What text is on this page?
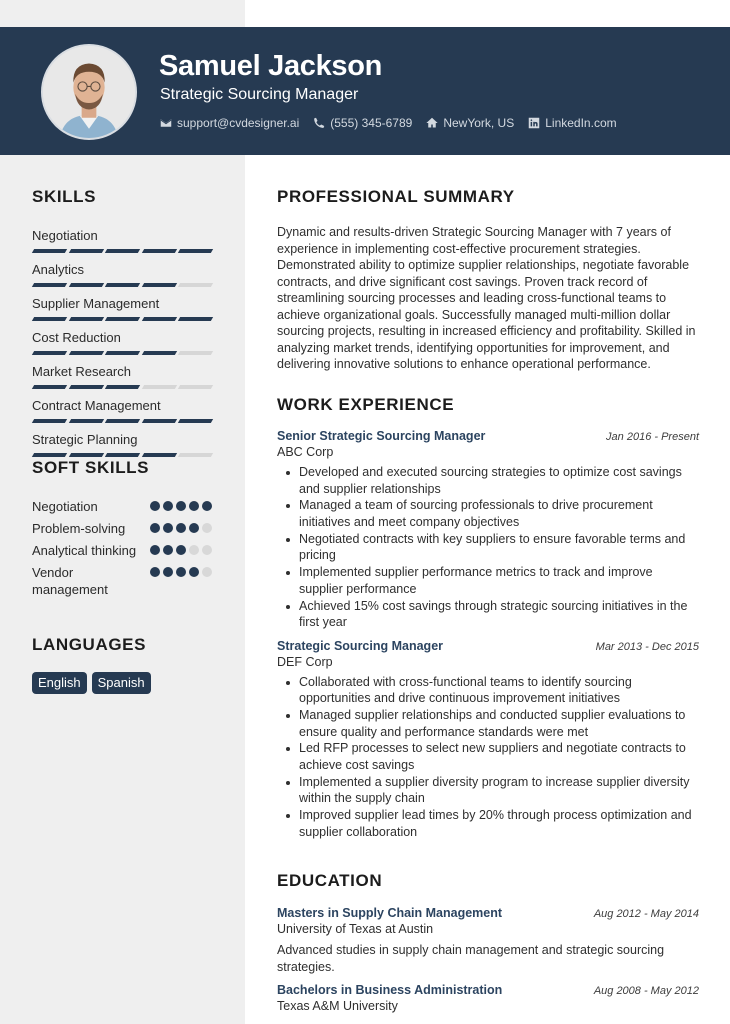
Samuel Jackson
Strategic Sourcing Manager
support@cvdesigner.ai	(555) 345-6789	NewYork, US	LinkedIn.com
SKILLS
Negotiation
Analytics
Supplier Management
Cost Reduction
Market Research
Contract Management
Strategic Planning
SOFT SKILLS
Negotiation
Problem-solving
Analytical thinking
Vendor management
LANGUAGES
English	Spanish
PROFESSIONAL SUMMARY

Dynamic and results-driven Strategic Sourcing Manager with 7 years of experience in implementing cost-effective procurement strategies. Demonstrated ability to optimize supplier relationships, negotiate favorable contracts, and drive significant cost savings. Proven track record of streamlining sourcing processes and leading cross-functional teams to achieve organizational goals. Successfully managed multi-million dollar sourcing projects, resulting in increased efficiency and profitability. Skilled in analyzing market trends, identifying opportunities for improvement, and delivering innovative solutions to enhance operational performance.

WORK EXPERIENCE
Senior Strategic Sourcing Manager	Jan 2016 - Present
ABC Corp
Developed and executed sourcing strategies to optimize cost savings and supplier relationships
Managed a team of sourcing professionals to drive procurement initiatives and meet company objectives
Negotiated contracts with key suppliers to ensure favorable terms and pricing
Implemented supplier performance metrics to track and improve supplier performance
Achieved 15% cost savings through strategic sourcing initiatives in the first year
Strategic Sourcing Manager	Mar 2013 - Dec 2015
DEF Corp
Collaborated with cross-functional teams to identify sourcing opportunities and drive continuous improvement initiatives
Managed supplier relationships and conducted supplier evaluations to ensure quality and performance standards were met
Led RFP processes to select new suppliers and negotiate contracts to achieve cost savings
Implemented a supplier diversity program to increase supplier diversity within the supply chain
Improved supplier lead times by 20% through process optimization and supplier collaboration
EDUCATION
Masters in Supply Chain Management	Aug 2012 - May 2014
University of Texas at Austin
Advanced studies in supply chain management and strategic sourcing strategies.
Bachelors in Business Administration	Aug 2008 - May 2012
Texas A&M University
